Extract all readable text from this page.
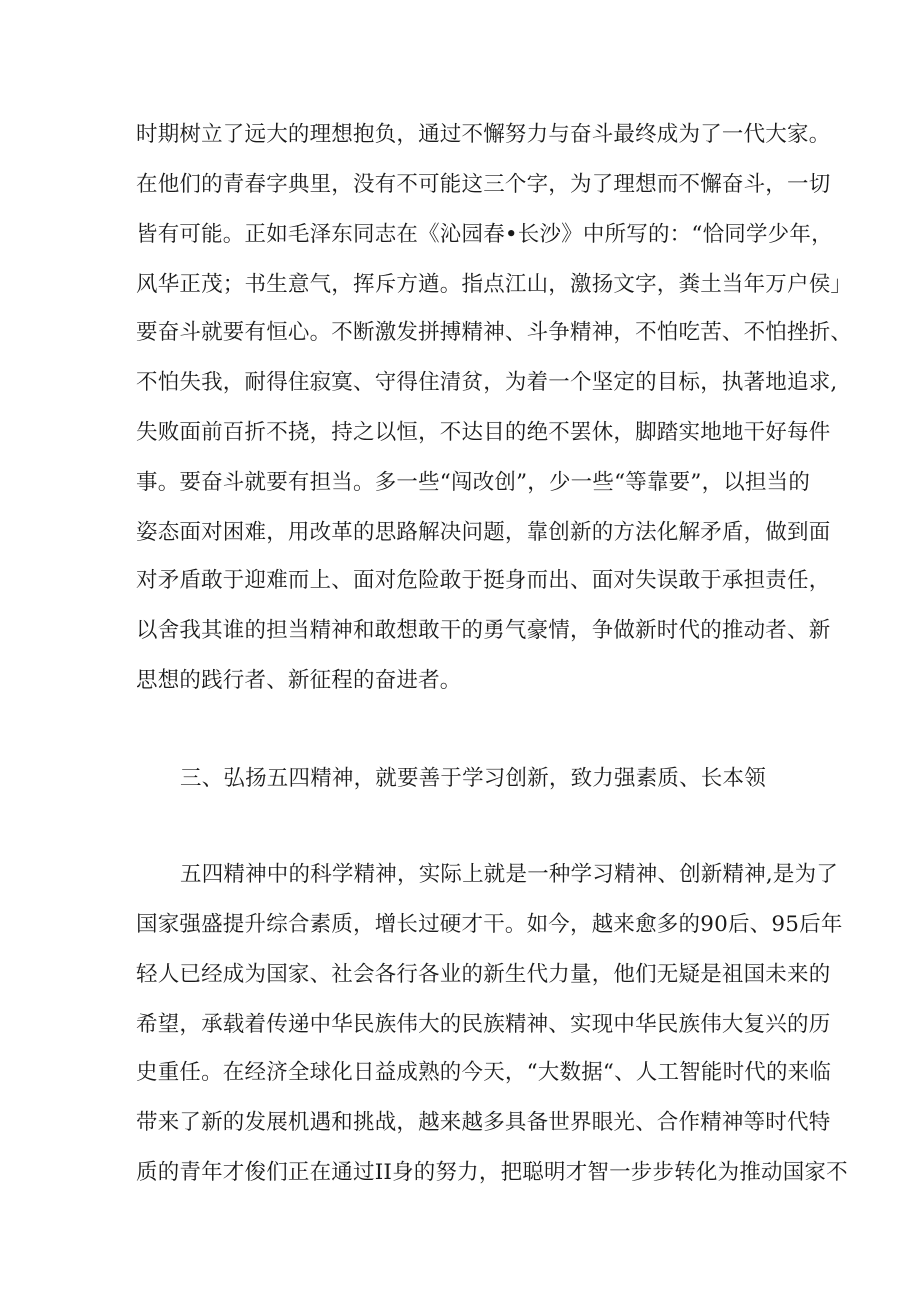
时期树立了远大的理想抱负，通过不懈努力与奋斗最终成为了一代大家。
在他们的青春字典里，没有不可能这三个字，为了理想而不懈奋斗，一切
皆有可能。正如毛泽东同志在《沁园春•长沙》中所写的：“恰同学少年，
风华正茂；书生意气，挥斥方遒。指点江山，激扬文字，粪土当年万户侯」
要奋斗就要有恒心。不断激发拼搏精神、斗争精神，不怕吃苦、不怕挫折、
不怕失我，耐得住寂寞、守得住清贫，为着一个坚定的目标，执著地追求,
失败面前百折不挠，持之以恒，不达目的绝不罢休，脚踏实地地干好每件
事。要奋斗就要有担当。多一些“闯改创”，少一些“等靠要”，以担当的
姿态面对困难，用改革的思路解决问题，靠创新的方法化解矛盾，做到面
对矛盾敢于迎难而上、面对危险敢于挺身而出、面对失误敢于承担责任，
以舍我其谁的担当精神和敢想敢干的勇气豪情，争做新时代的推动者、新
思想的践行者、新征程的奋进者。
三、弘扬五四精神，就要善于学习创新，致力强素质、长本领
五四精神中的科学精神，实际上就是一种学习精神、创新精神,是为了
国家强盛提升综合素质，增长过硬才干。如今，越来愈多的90后、95后年
轻人已经成为国家、社会各行各业的新生代力量，他们无疑是祖国未来的
希望，承载着传递中华民族伟大的民族精神、实现中华民族伟大复兴的历
史重任。在经济全球化日益成熟的今天，“大数据“、人工智能时代的来临
带来了新的发展机遇和挑战，越来越多具备世界眼光、合作精神等时代特
质的青年才俊们正在通过II身的努力，把聪明才智一步步转化为推动国家不
